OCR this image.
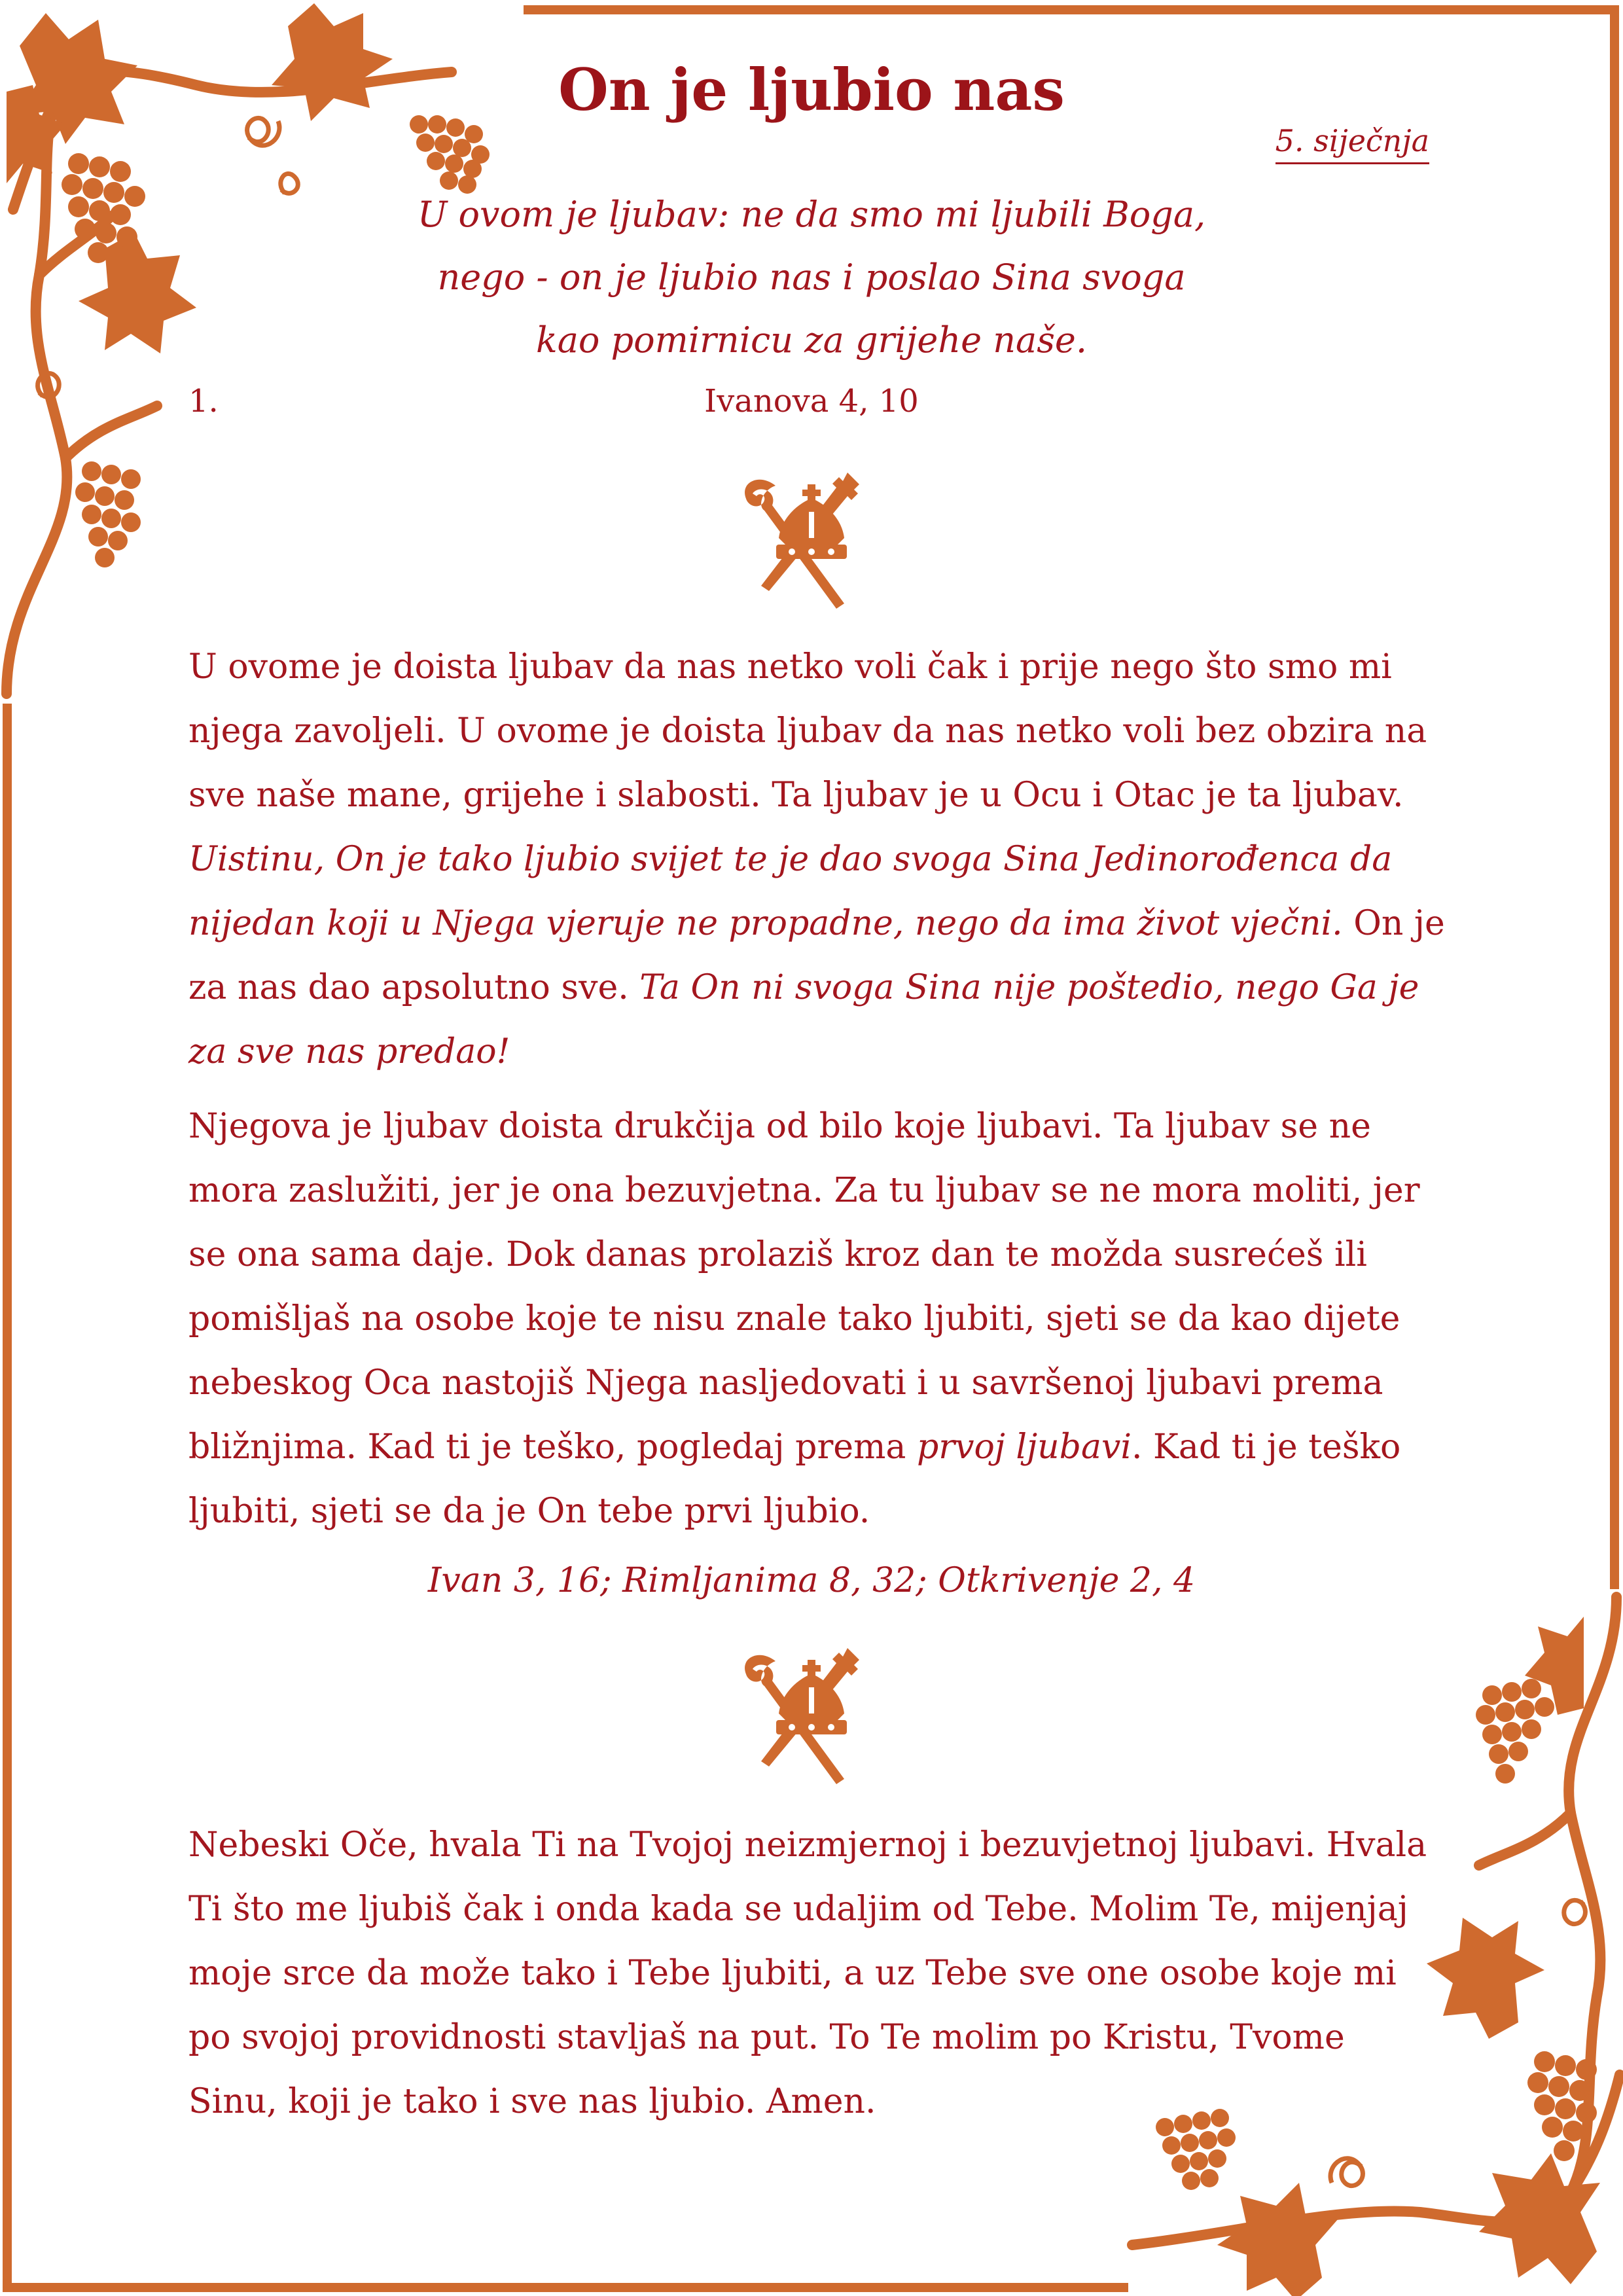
On je ljubio nas
5. siječnja
U ovom je ljubav: ne da smo mi ljubili Boga,
nego - on je ljubio nas i poslao Sina svoga
kao pomirnicu za grijehe naše.
1.	Ivanova 4, 10

U ovome je doista ljubav da nas netko voli čak i prije nego što smo mi njega zavoljeli. U ovome je doista ljubav da nas netko voli bez obzira na sve naše mane, grijehe i slabosti. Ta ljubav je u Ocu i Otac je ta ljubav. Uistinu, On je tako ljubio svijet te je dao svoga Sina Jedinorođenca da nijedan koji u Njega vjeruje ne propadne, nego da ima život vječni. On je za nas dao apsolutno sve. Ta On ni svoga Sina nije poštedio, nego Ga je za sve nas predao!

Njegova je ljubav doista drukčija od bilo koje ljubavi. Ta ljubav se ne mora zaslužiti, jer je ona bezuvjetna. Za tu ljubav se ne mora moliti, jer se ona sama daje. Dok danas prolaziš kroz dan te možda susrećeš ili pomišljaš na osobe koje te nisu znale tako ljubiti, sjeti se da kao dijete nebeskog Oca nastojiš Njega nasljedovati i u savršenoj ljubavi prema bližnjima. Kad ti je teško, pogledaj prema prvoj ljubavi. Kad ti je teško ljubiti, sjeti se da je On tebe prvi ljubio.

Ivan 3, 16; Rimljanima 8, 32; Otkrivenje 2, 4

Nebeski Oče, hvala Ti na Tvojoj neizmjernoj i bezuvjetnoj ljubavi. Hvala Ti što me ljubiš čak i onda kada se udaljim od Tebe. Molim Te, mijenjaj moje srce da može tako i Tebe ljubiti, a uz Tebe sve one osobe koje mi po svojoj providnosti stavljaš na put. To Te molim po Kristu, Tvome Sinu, koji je tako i sve nas ljubio. Amen.
